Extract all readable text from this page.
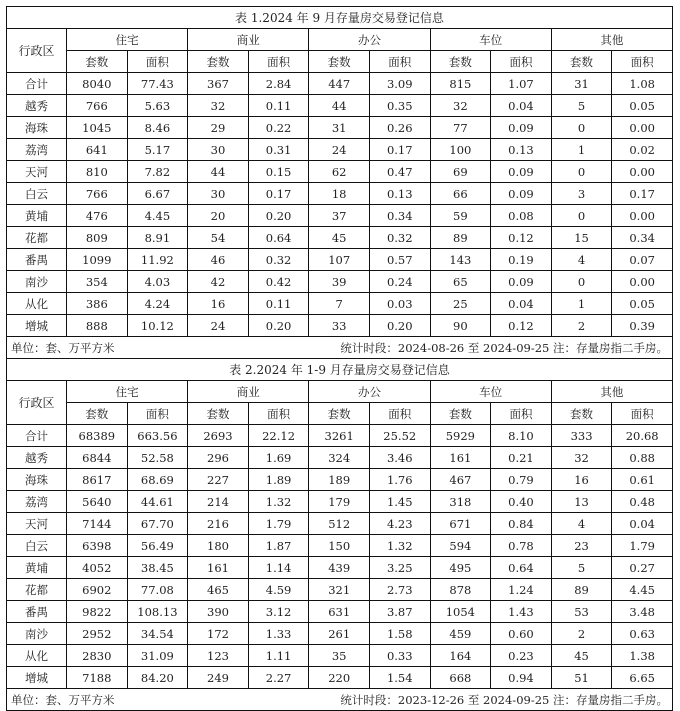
表 1.2024 年 9 月存量房交易登记信息										
行政区	住宅		商业		办公		车位		其他	
	套数	面积	套数	面积	套数	面积	套数	面积	套数	面积
合计	8040	77.43	367	2.84	447	3.09	815	1.07	31	1.08
越秀	766	5.63	32	0.11	44	0.35	32	0.04	5	0.05
海珠	1045	8.46	29	0.22	31	0.26	77	0.09	0	0.00
荔湾	641	5.17	30	0.31	24	0.17	100	0.13	1	0.02
天河	810	7.82	44	0.15	62	0.47	69	0.09	0	0.00
白云	766	6.67	30	0.17	18	0.13	66	0.09	3	0.17
黄埔	476	4.45	20	0.20	37	0.34	59	0.08	0	0.00
花都	809	8.91	54	0.64	45	0.32	89	0.12	15	0.34
番禺	1099	11.92	46	0.32	107	0.57	143	0.19	4	0.07
南沙	354	4.03	42	0.42	39	0.24	65	0.09	0	0.00
从化	386	4.24	16	0.11	7	0.03	25	0.04	1	0.05
增城	888	10.12	24	0.20	33	0.20	90	0.12	2	0.39
单位：套、万平方米				统计时段：2024-08-26 至 2024-09-25 注：存量房指二手房。						
表 2.2024 年 1-9 月存量房交易登记信息										
行政区	住宅		商业		办公		车位		其他	
	套数	面积	套数	面积	套数	面积	套数	面积	套数	面积
合计	68389	663.56	2693	22.12	3261	25.52	5929	8.10	333	20.68
越秀	6844	52.58	296	1.69	324	3.46	161	0.21	32	0.88
海珠	8617	68.69	227	1.89	189	1.76	467	0.79	16	0.61
荔湾	5640	44.61	214	1.32	179	1.45	318	0.40	13	0.48
天河	7144	67.70	216	1.79	512	4.23	671	0.84	4	0.04
白云	6398	56.49	180	1.87	150	1.32	594	0.78	23	1.79
黄埔	4052	38.45	161	1.14	439	3.25	495	0.64	5	0.27
花都	6902	77.08	465	4.59	321	2.73	878	1.24	89	4.45
番禺	9822	108.13	390	3.12	631	3.87	1054	1.43	53	3.48
南沙	2952	34.54	172	1.33	261	1.58	459	0.60	2	0.63
从化	2830	31.09	123	1.11	35	0.33	164	0.23	45	1.38
增城	7188	84.20	249	2.27	220	1.54	668	0.94	51	6.65
单位：套、万平方米				统计时段：2023-12-26 至 2024-09-25 注：存量房指二手房。						
